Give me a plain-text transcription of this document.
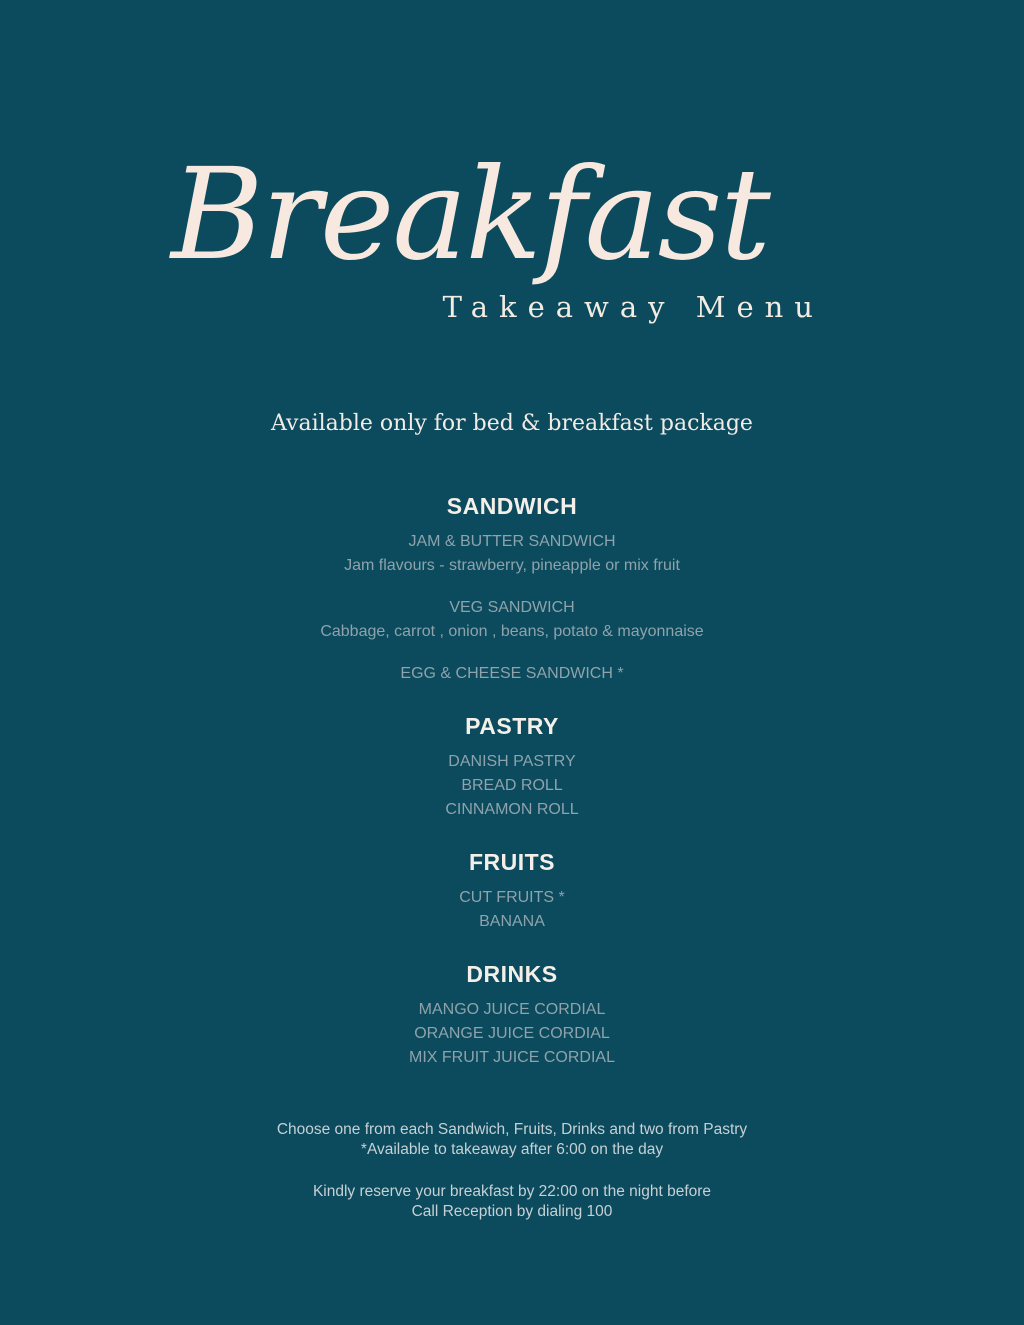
Breakfast
Takeaway Menu
Available only for bed & breakfast package
SANDWICH
JAM & BUTTER SANDWICH
Jam flavours - strawberry, pineapple or mix fruit
VEG SANDWICH
Cabbage, carrot , onion , beans, potato & mayonnaise
EGG & CHEESE SANDWICH *
PASTRY
DANISH PASTRY
BREAD ROLL
CINNAMON ROLL
FRUITS
CUT FRUITS *
BANANA
DRINKS
MANGO JUICE CORDIAL
ORANGE JUICE CORDIAL
MIX FRUIT JUICE CORDIAL
Choose one from each Sandwich, Fruits, Drinks and two from Pastry
*Available to takeaway after 6:00 on the day
Kindly reserve your breakfast by 22:00 on the night before
Call Reception by dialing 100
